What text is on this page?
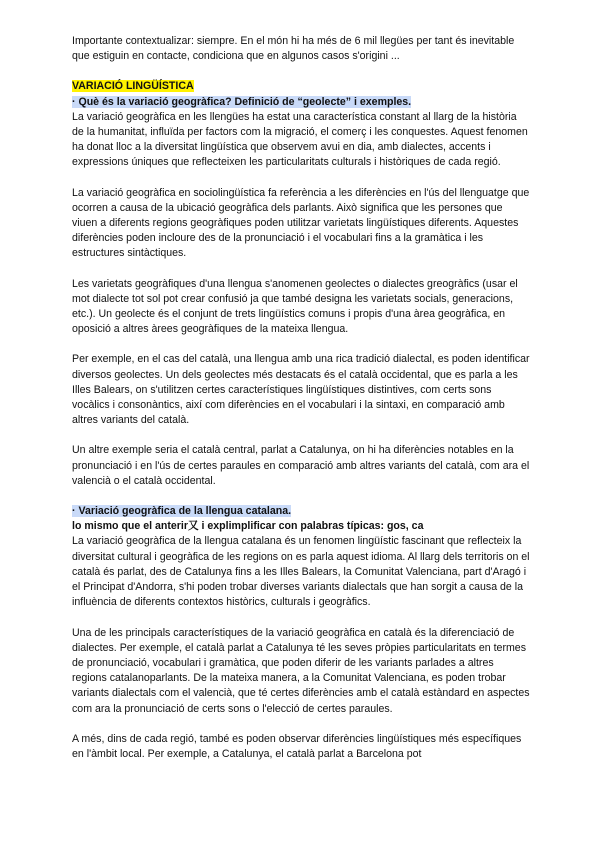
Importante contextualizar: siempre. En el món hi ha més de 6 mil llegües per tant és inevitable que estiguin en contacte, condiciona que en algunos casos s'origini ...

VARIACIÓ LINGÜÍSTICA

· Què és la variació geogràfica? Definició de “geolecte” i exemples.

La variació geogràfica en les llengües ha estat una característica constant al llarg de la història de la humanitat, influïda per factors com la migració, el comerç i les conquestes. Aquest fenomen ha donat lloc a la diversitat lingüística que observem avui en dia, amb dialectes, accents i expressions úniques que reflecteixen les particularitats culturals i històriques de cada regió.

La variació geogràfica en sociolingüística fa referència a les diferències en l'ús del llenguatge que ocorren a causa de la ubicació geogràfica dels parlants. Això significa que les persones que viuen a diferents regions geogràfiques poden utilitzar varietats lingüístiques diferents. Aquestes diferències poden incloure des de la pronunciació i el vocabulari fins a la gramàtica i les estructures sintàctiques.

Les varietats geogràfiques d'una llengua s'anomenen geolectes o dialectes greogràfics (usar el mot dialecte tot sol pot crear confusió ja que també designa les varietats socials, generacions, etc.). Un geolecte és el conjunt de trets lingüístics comuns i propis d'una àrea geogràfica, en oposició a altres àrees geogràfiques de la mateixa llengua.

Per exemple, en el cas del català, una llengua amb una rica tradició dialectal, es poden identificar diversos geolectes. Un dels geolectes més destacats és el català occidental, que es parla a les Illes Balears, on s'utilitzen certes característiques lingüístiques distintives, com certs sons vocàlics i consonàntics, així com diferències en el vocabulari i la sintaxi, en comparació amb altres variants del català.

Un altre exemple seria el català central, parlat a Catalunya, on hi ha diferències notables en la pronunciació i en l'ús de certes paraules en comparació amb altres variants del català, com ara el valencià o el català occidental.

· Variació geogràfica de la llengua catalana.

lo mismo que el anterir又 i explimplificar con palabras típicas: gos, ca

La variació geogràfica de la llengua catalana és un fenomen lingüístic fascinant que reflecteix la diversitat cultural i geogràfica de les regions on es parla aquest idioma. Al llarg dels territoris on el català és parlat, des de Catalunya fins a les Illes Balears, la Comunitat Valenciana, part d'Aragó i el Principat d'Andorra, s'hi poden trobar diverses variants dialectals que han sorgit a causa de la influència de diferents contextos històrics, culturals i geogràfics.

Una de les principals característiques de la variació geogràfica en català és la diferenciació de dialectes. Per exemple, el català parlat a Catalunya té les seves pròpies particularitats en termes de pronunciació, vocabulari i gramàtica, que poden diferir de les variants parlades a altres regions catalanoparlants. De la mateixa manera, a la Comunitat Valenciana, es poden trobar variants dialectals com el valencià, que té certes diferències amb el català estàndard en aspectes com ara la pronunciació de certs sons o l'elecció de certes paraules.

A més, dins de cada regió, també es poden observar diferències lingüístiques més específiques en l'àmbit local. Per exemple, a Catalunya, el català parlat a Barcelona pot
